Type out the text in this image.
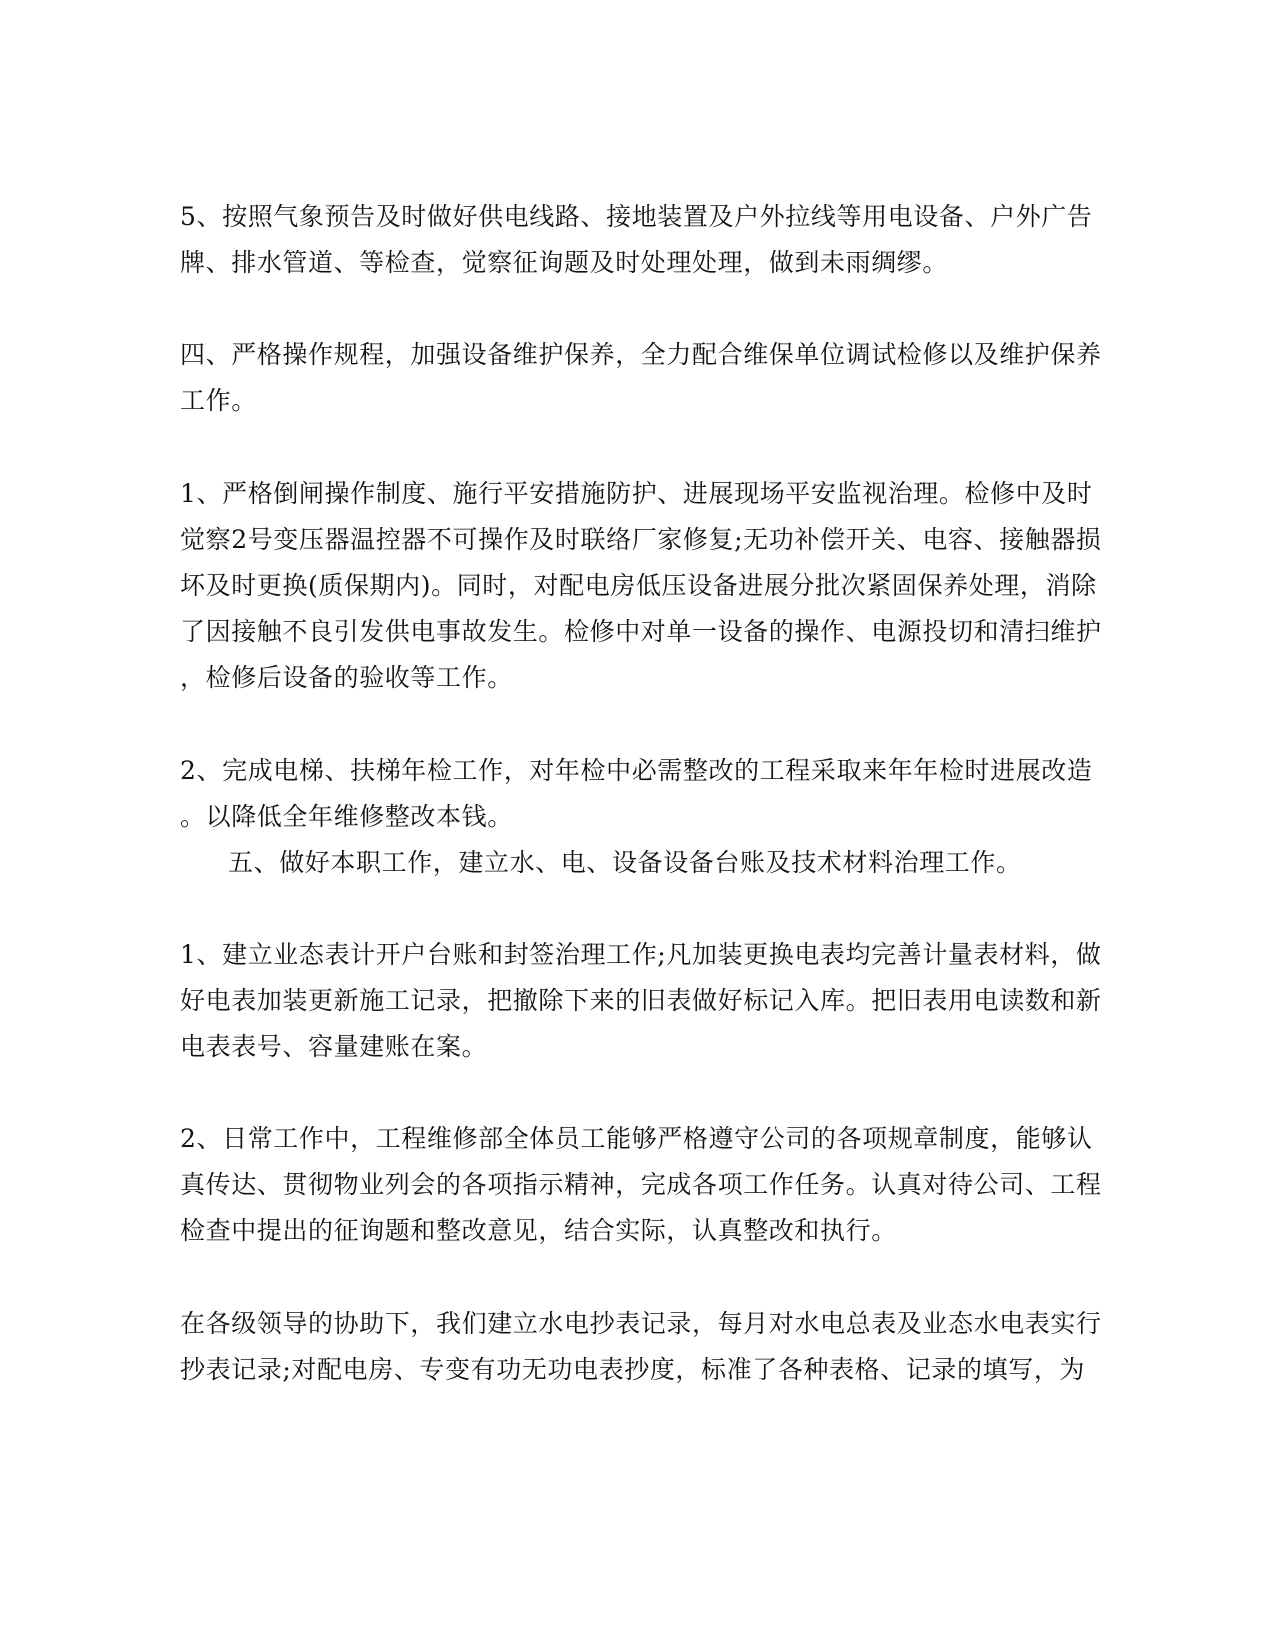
5、按照气象预告及时做好供电线路、接地装置及户外拉线等用电设备、户外广告

牌、排水管道、等检查，觉察征询题及时处理处理，做到未雨绸缪。

四、严格操作规程，加强设备维护保养，全力配合维保单位调试检修以及维护保养

工作。

1、严格倒闸操作制度、施行平安措施防护、进展现场平安监视治理。检修中及时

觉察2号变压器温控器不可操作及时联络厂家修复;无功补偿开关、电容、接触器损

坏及时更换(质保期内)。同时，对配电房低压设备进展分批次紧固保养处理，消除

了因接触不良引发供电事故发生。检修中对单一设备的操作、电源投切和清扫维护

，检修后设备的验收等工作。

2、完成电梯、扶梯年检工作，对年检中必需整改的工程采取来年年检时进展改造

。以降低全年维修整改本钱。

五、做好本职工作，建立水、电、设备设备台账及技术材料治理工作。

1、建立业态表计开户台账和封签治理工作;凡加装更换电表均完善计量表材料，做

好电表加装更新施工记录，把撤除下来的旧表做好标记入库。把旧表用电读数和新

电表表号、容量建账在案。

2、日常工作中，工程维修部全体员工能够严格遵守公司的各项规章制度，能够认

真传达、贯彻物业列会的各项指示精神，完成各项工作任务。认真对待公司、工程

检查中提出的征询题和整改意见，结合实际，认真整改和执行。

在各级领导的协助下，我们建立水电抄表记录，每月对水电总表及业态水电表实行

抄表记录;对配电房、专变有功无功电表抄度，标准了各种表格、记录的填写，为
